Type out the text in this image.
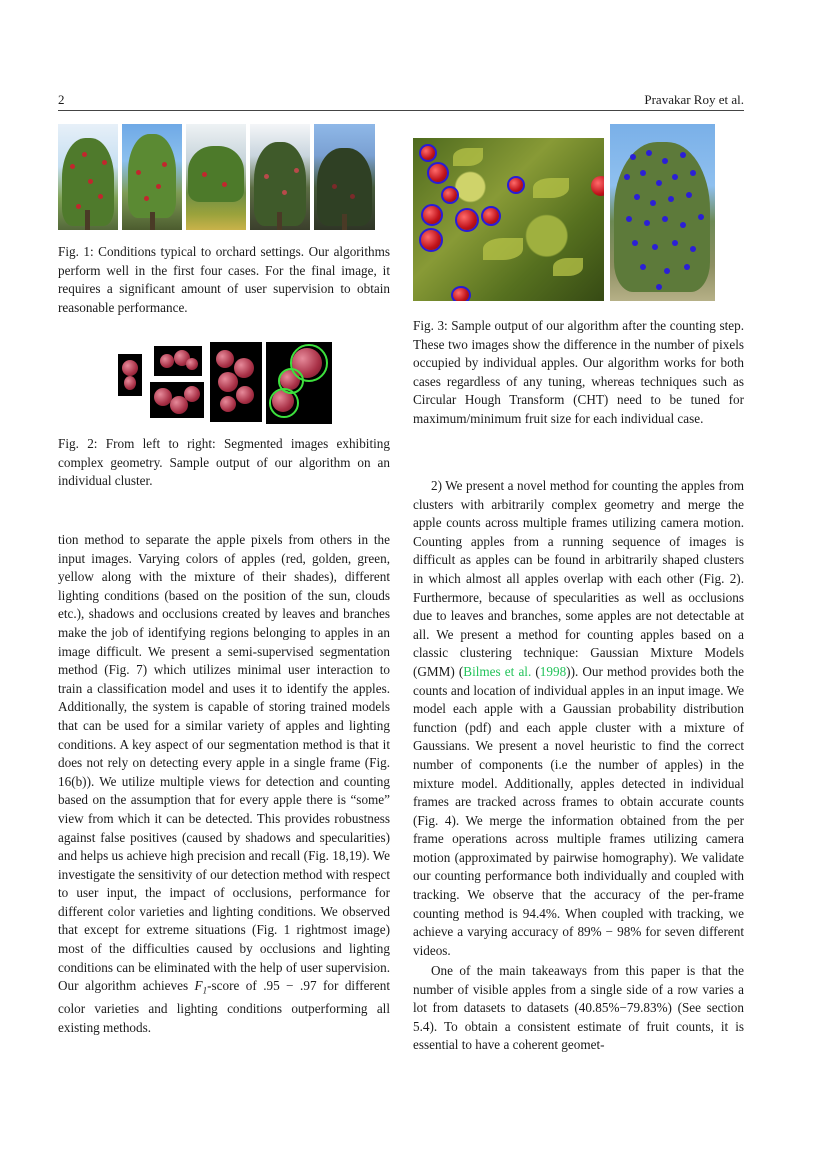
2	Pravakar Roy et al.

Fig. 1: Conditions typical to orchard settings. Our algorithms perform well in the first four cases. For the final image, it requires a significant amount of user supervision to obtain reasonable performance.

Fig. 2: From left to right: Segmented images exhibiting complex geometry. Sample output of our algorithm on an individual cluster.

Fig. 3: Sample output of our algorithm after the counting step. These two images show the difference in the number of pixels occupied by individual apples. Our algorithm works for both cases regardless of any tuning, whereas techniques such as Circular Hough Transform (CHT) need to be tuned for maximum/minimum fruit size for each individual case.

tion method to separate the apple pixels from others in the input images. Varying colors of apples (red, golden, green, yellow along with the mixture of their shades), different lighting conditions (based on the position of the sun, clouds etc.), shadows and occlusions created by leaves and branches make the job of identifying regions belonging to apples in an image difficult. We present a semi-supervised segmentation method (Fig. 7) which utilizes minimal user interaction to train a classification model and uses it to identify the apples. Additionally, the system is capable of storing trained models that can be used for a similar variety of apples and lighting conditions. A key aspect of our segmentation method is that it does not rely on detecting every apple in a single frame (Fig. 16(b)). We utilize multiple views for detection and counting based on the assumption that for every apple there is “some” view from which it can be detected. This provides robustness against false positives (caused by shadows and specularities) and helps us achieve high precision and recall (Fig. 18,19). We investigate the sensitivity of our detection method with respect to user input, the impact of occlusions, performance for different color varieties and lighting conditions. We observed that except for extreme situations (Fig. 1 rightmost image) most of the difficulties caused by occlusions and lighting conditions can be eliminated with the help of user supervision. Our algorithm achieves $F_1$-score of .95 − .97 for different color varieties and lighting conditions outperforming all existing methods.

2) We present a novel method for counting the apples from clusters with arbitrarily complex geometry and merge the apple counts across multiple frames utilizing camera motion. Counting apples from a running sequence of images is difficult as apples can be found in arbitrarily shaped clusters in which almost all apples overlap with each other (Fig. 2). Furthermore, because of specularities as well as occlusions due to leaves and branches, some apples are not detectable at all. We present a method for counting apples based on a classic clustering technique: Gaussian Mixture Models (GMM) (Bilmes et al. (1998)). Our method provides both the counts and location of individual apples in an input image. We model each apple with a Gaussian probability distribution function (pdf) and each apple cluster with a mixture of Gaussians. We present a novel heuristic to find the correct number of components (i.e the number of apples) in the mixture model. Additionally, apples detected in individual frames are tracked across frames to obtain accurate counts (Fig. 4). We merge the information obtained from the per frame operations across multiple frames utilizing camera motion (approximated by pairwise homography). We validate our counting performance both individually and coupled with tracking. We observe that the accuracy of the per-frame counting method is 94.4%. When coupled with tracking, we achieve a varying accuracy of 89% − 98% for seven different videos.

One of the main takeaways from this paper is that the number of visible apples from a single side of a row varies a lot from datasets to datasets (40.85%−79.83%) (See section 5.4). To obtain a consistent estimate of fruit counts, it is essential to have a coherent geomet-
